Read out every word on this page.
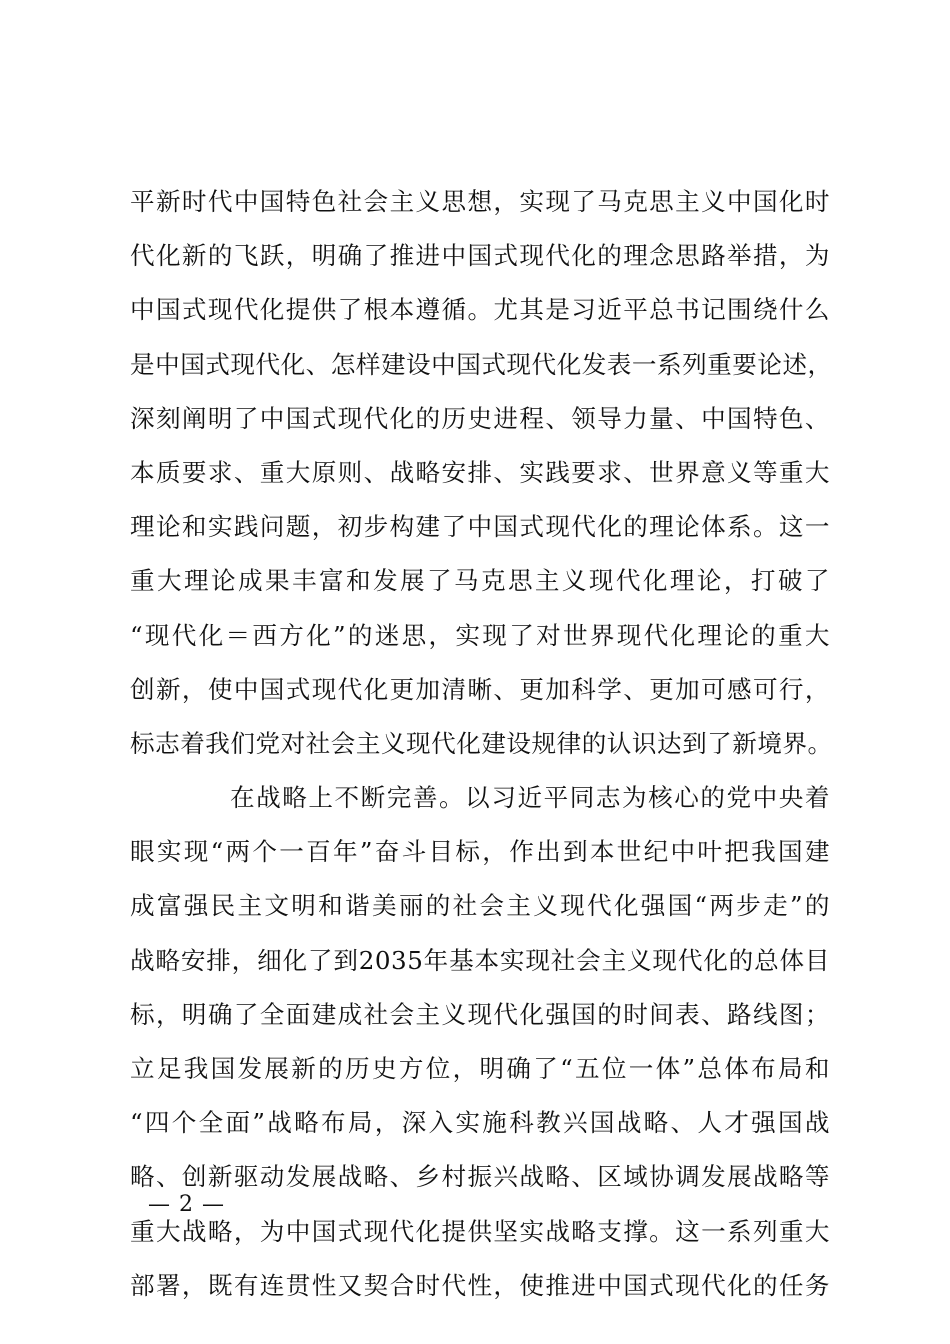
平新时代中国特色社会主义思想，实现了马克思主义中国化时
代化新的飞跃，明确了推进中国式现代化的理念思路举措，为
中国式现代化提供了根本遵循。尤其是习近平总书记围绕什么
是中国式现代化、怎样建设中国式现代化发表一系列重要论述，
深刻阐明了中国式现代化的历史进程、领导力量、中国特色、
本质要求、重大原则、战略安排、实践要求、世界意义等重大
理论和实践问题，初步构建了中国式现代化的理论体系。这一
重大理论成果丰富和发展了马克思主义现代化理论，打破了
“现代化＝西方化”的迷思，实现了对世界现代化理论的重大
创新，使中国式现代化更加清晰、更加科学、更加可感可行，
标志着我们党对社会主义现代化建设规律的认识达到了新境界。
在战略上不断完善。以习近平同志为核心的党中央着
眼实现“两个一百年”奋斗目标，作出到本世纪中叶把我国建
成富强民主文明和谐美丽的社会主义现代化强国“两步走”的
战略安排，细化了到2035年基本实现社会主义现代化的总体目
标，明确了全面建成社会主义现代化强国的时间表、路线图；
立足我国发展新的历史方位，明确了“五位一体”总体布局和
“四个全面”战略布局，深入实施科教兴国战略、人才强国战
略、创新驱动发展战略、乡村振兴战略、区域协调发展战略等
重大战略，为中国式现代化提供坚实战略支撑。这一系列重大
部署，既有连贯性又契合时代性，使推进中国式现代化的任务
— 2 —
